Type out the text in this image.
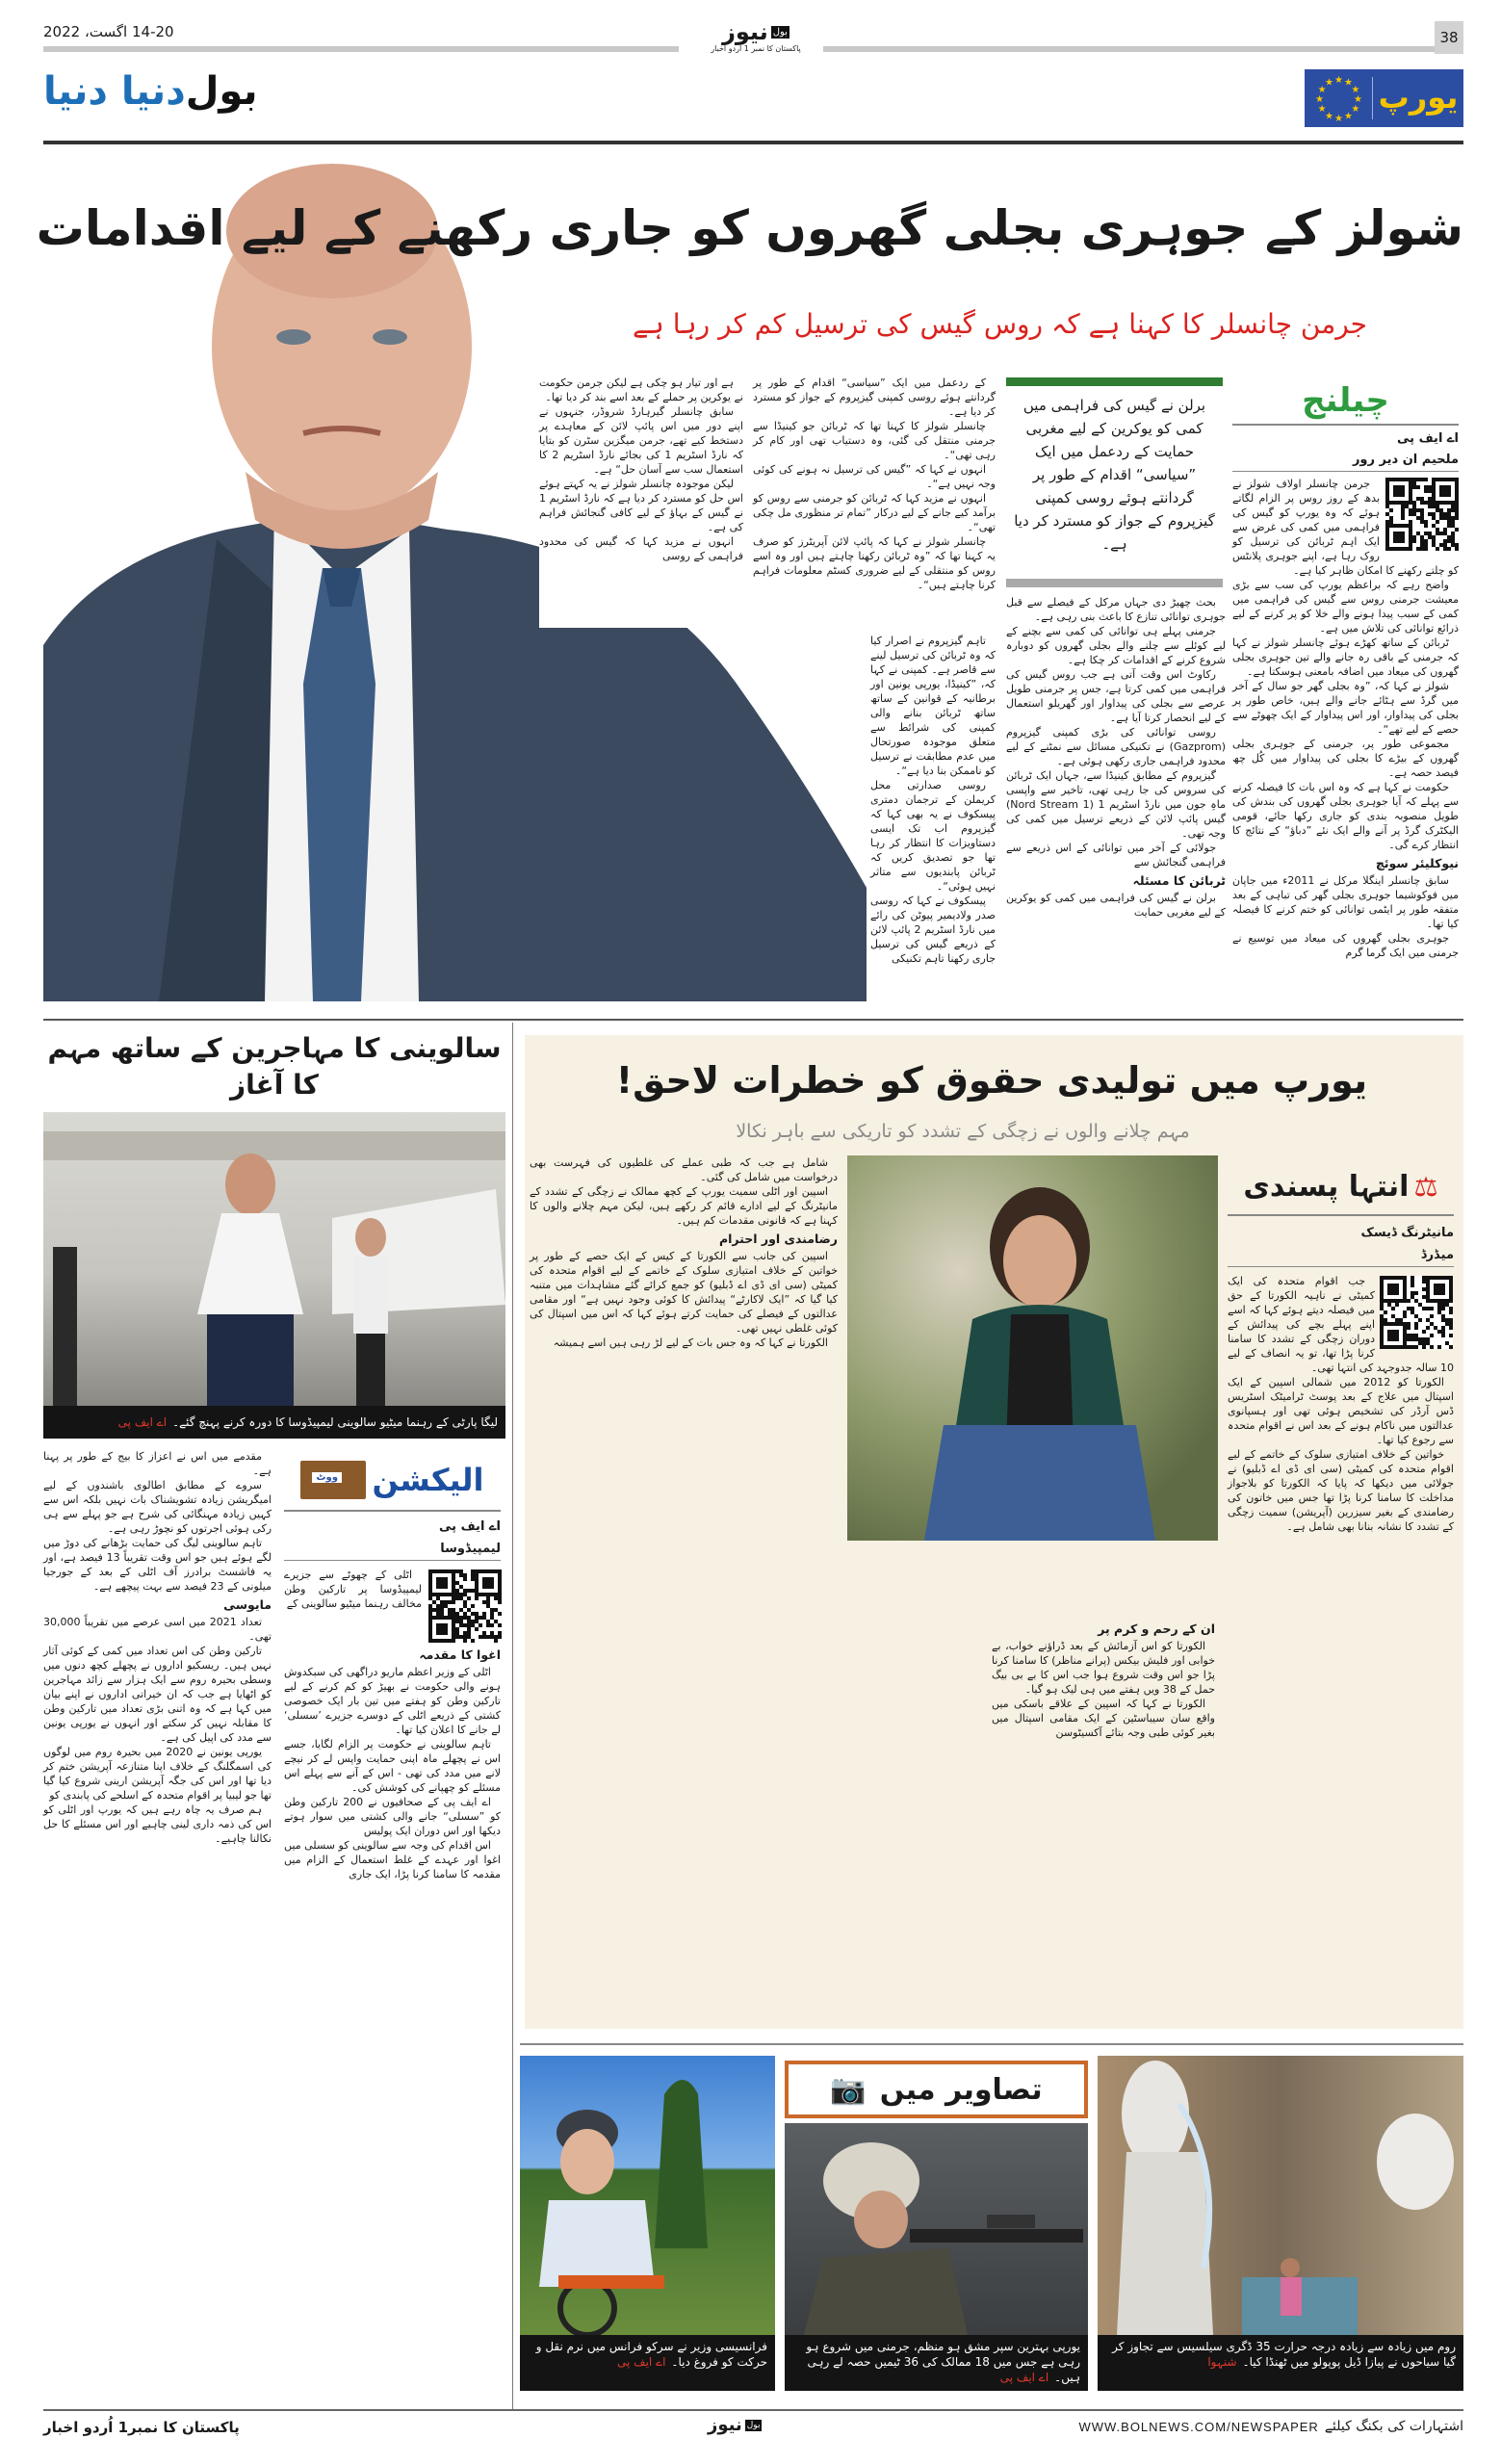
14-20 اگست، 2022	بول
نیوز
پاکستان کا نمبر 1 اُردو اخبار
38
بول
دنیا دنیا	★
★
★
★
★
★
★
★
★ ★ ★
★ یورپ
شولز کے جوہری بجلی گھروں کو جاری رکھنے کے لیے اقدامات
جرمن چانسلر کا کہنا ہے کہ روس گیس کی ترسیل کم کر رہا ہے
چیلنج
اے ایف پی
ملحیم ان دیر رور

جرمن چانسلر اولاف شولز نے بدھ کے روز روس پر الزام لگاتے ہوئے کہ وہ یورپ کو گیس کی فراہمی میں کمی کی غرض سے ایک اہم ٹربائن کی ترسیل کو روک رہا ہے، اپنے جوہری پلانٹس کو چلتے رکھنے کا امکان ظاہر کیا ہے۔

واضح رہے کہ براعظم یورپ کی سب سے بڑی معیشت جرمنی روس سے گیس کی فراہمی میں کمی کے سبب پیدا ہونے والے خلا کو پر کرنے کے لیے ذرائع توانائی کی تلاش میں ہے۔

ٹربائن کے ساتھ کھڑے ہوئے چانسلر شولز نے کہا کہ جرمنی کے باقی رہ جانے والے تین جوہری بجلی گھروں کی میعاد میں اضافہ بامعنی ہوسکتا ہے۔

شولز نے کہا کہ، ”وہ بجلی گھر جو سال کے آخر میں گرڈ سے ہٹائے جانے والے ہیں، خاص طور پر بجلی کی پیداوار، اور اس پیداوار کے ایک چھوٹے سے حصے کے لیے تھے“۔

مجموعی طور پر، جرمنی کے جوہری بجلی گھروں کے بیڑے کا بجلی کی پیداوار میں کُل چھ فیصد حصہ ہے۔

حکومت نے کہا ہے کہ وہ اس بات کا فیصلہ کرنے سے پہلے کہ آیا جوہری بجلی گھروں کی بندش کی طویل منصوبہ بندی کو جاری رکھا جائے، قومی الیکٹرک گرڈ پر آنے والے ایک نئے ”دباؤ“ کے نتائج کا انتظار کرے گی۔

نیوکلیئر سوئچ

سابق چانسلر اینگلا مرکل نے 2011ء میں جاپان میں فوکوشیما جوہری بجلی گھر کی تباہی کے بعد متفقہ طور پر ایٹمی توانائی کو ختم کرنے کا فیصلہ کیا تھا۔

جوہری بجلی گھروں کی میعاد میں توسیع نے جرمنی میں ایک گرما گرم

برلن نے گیس کی فراہمی میں کمی کو یوکرین کے لیے مغربی حمایت کے ردعمل میں ایک ”سیاسی“ اقدام کے طور پر گردانتے ہوئے روسی کمپنی گیزپروم کے جواز کو مسترد کر دیا ہے۔

بحث چھیڑ دی جہاں مرکل کے فیصلے سے قبل جوہری توانائی تنازع کا باعث بنی رہی ہے۔

جرمنی پہلے ہی توانائی کی کمی سے بچنے کے لیے کوئلے سے چلنے والے بجلی گھروں کو دوبارہ شروع کرنے کے اقدامات کر چکا ہے۔

رکاوٹ اس وقت آتی ہے جب روس گیس کی فراہمی میں کمی کرتا ہے، جس پر جرمنی طویل عرصے سے بجلی کی پیداوار اور گھریلو استعمال کے لیے انحصار کرتا آیا ہے۔

روسی توانائی کی بڑی کمپنی گیزپروم (Gazprom) نے تکنیکی مسائل سے نمٹنے کے لیے محدود فراہمی جاری رکھی ہوئی ہے۔

گیزپروم کے مطابق کینیڈا سے، جہاں ایک ٹربائن کی سروس کی جا رہی تھی، تاخیر سے واپسی ماہِ جون میں نارڈ اسٹریم 1 (Nord Stream 1) گیس پائپ لائن کے ذریعے ترسیل میں کمی کی وجہ تھی۔

جولائی کے آخر میں توانائی کے اس ذریعے سے فراہمی گنجائش سے

ٹربائن کا مسئلہ

برلن نے گیس کی فراہمی میں کمی کو یوکرین کے لیے مغربی حمایت

کے ردعمل میں ایک ”سیاسی“ اقدام کے طور پر گردانتے ہوئے روسی کمپنی گیزپروم کے جواز کو مسترد کر دیا ہے۔

چانسلر شولز کا کہنا تھا کہ ٹربائن جو کینیڈا سے جرمنی منتقل کی گئی، وہ دستیاب تھی اور کام کر رہی تھی“۔

انہوں نے کہا کہ ”گیس کی ترسیل نہ ہونے کی کوئی وجہ نہیں ہے“۔

انہوں نے مزید کہا کہ ٹربائن کو جرمنی سے روس کو برآمد کیے جانے کے لیے درکار ”تمام تر منظوری مل چکی تھی“۔

چانسلر شولز نے کہا کہ پائپ لائن آپریٹرز کو صرف یہ کہنا تھا کہ ”وہ ٹربائن رکھنا چاہتے ہیں اور وہ اسے روس کو منتقلی کے لیے ضروری کسٹم معلومات فراہم کرنا چاہتے ہیں“۔

تاہم گیزپروم نے اصرار کیا کہ وہ ٹربائن کی ترسیل لینے سے قاصر ہے۔ کمپنی نے کہا کہ، ”کینیڈا، یورپی یونین اور برطانیہ کے قوانین کے ساتھ ساتھ ٹربائن بنانے والی کمپنی کی شرائط سے متعلق موجودہ صورتحال میں عدم مطابقت نے ترسیل کو ناممکن بنا دیا ہے“۔

روسی صدارتی محل کریملن کے ترجمان دمتری پیسکوف نے یہ بھی کہا کہ گیزپروم اب تک ایسی دستاویزات کا انتظار کر رہا تھا جو تصدیق کریں کہ ٹربائن پابندیوں سے متاثر نہیں ہوئی“۔

پیسکوف نے کہا کہ روسی صدر ولادیمیر پیوٹن کی رائے میں نارڈ اسٹریم 2 پائپ لائن کے ذریعے گیس کی ترسیل جاری رکھنا تاہم تکنیکی

ہے اور تیار ہو چکی ہے لیکن جرمن حکومت نے یوکرین پر حملے کے بعد اسے بند کر دیا تھا۔

سابق چانسلر گیرہارڈ شروڈر، جنہوں نے اپنے دور میں اس پائپ لائن کے معاہدے پر دستخط کیے تھے، جرمن میگزین سٹرن کو بتایا کہ نارڈ اسٹریم 1 کی بجائے نارڈ اسٹریم 2 کا استعمال سب سے آسان حل“ ہے۔

لیکن موجودہ چانسلر شولز نے یہ کہتے ہوئے اس حل کو مسترد کر دیا ہے کہ نارڈ اسٹریم 1 نے گیس کے بہاؤ کے لیے کافی گنجائش فراہم کی ہے۔

انہوں نے مزید کہا کہ گیس کی محدود فراہمی کے روسی

سالوینی کا مہاجرین کے ساتھ مہم کا آغاز
لیگا پارٹی کے رہنما میٹیو سالوینی لیمپیڈوسا کا دورہ کرنے پہنچ گئے۔اے ایف پی
ووٹ الیکشن
اے ایف پی
لیمپیڈوسا

اٹلی کے چھوٹے سے جزیرے لیمپیڈوسا پر تارکین وطن مخالف رہنما میٹیو سالوینی کے

اغوا کا مقدمہ

اٹلی کے وزیر اعظم ماریو دراگھی کی سبکدوش ہونے والی حکومت نے بھیڑ کو کم کرنے کے لیے تارکین وطن کو ہفتے میں تین بار ایک خصوصی کشتی کے ذریعے اٹلی کے دوسرے جزیرے ’سسلی‘ لے جانے کا اعلان کیا تھا۔

تاہم سالوینی نے حکومت پر الزام لگایا، جسے اس نے پچھلے ماہ اپنی حمایت واپس لے کر نیچے لانے میں مدد کی تھی - اس کے آنے سے پہلے اس مسئلے کو چھپانے کی کوشش کی۔

اے ایف پی کے صحافیوں نے 200 تارکین وطن کو ”سسلی“ جانے والی کشتی میں سوار ہوتے دیکھا اور اس دوران ایک پولیس

اس اقدام کی وجہ سے سالوینی کو سسلی میں اغوا اور عہدے کے غلط استعمال کے الزام میں مقدمہ کا سامنا کرنا پڑا، ایک جاری

مقدمے میں اس نے اعزاز کا بیج کے طور پر پہنا ہے۔

سروے کے مطابق اطالوی باشندوں کے لیے امیگریشن زیادہ تشویشناک بات نہیں بلکہ اس سے کہیں زیادہ مہنگائی کی شرح ہے جو پہلے سے ہی رکی ہوئی اجرتوں کو نچوڑ رہی ہے۔

تاہم سالوینی لیگ کی حمایت بڑھانے کی دوڑ میں لگے ہوئے ہیں جو اس وقت تقریباً 13 فیصد ہے، اور یہ فاشسٹ برادرز آف اٹلی کے بعد کے جورجیا میلونی کے 23 فیصد سے بہت پیچھے ہے۔

مایوسی

تعداد 2021 میں اسی عرصے میں تقریباً 30,000 تھی۔

تارکین وطن کی اس تعداد میں کمی کے کوئی آثار نہیں ہیں۔ ریسکیو اداروں نے پچھلے کچھ دنوں میں وسطی بحیرہ روم سے ایک ہزار سے زائد مہاجرین کو اٹھایا ہے جب کہ ان خیراتی اداروں نے اپنے بیان میں کہا ہے کہ وہ اتنی بڑی تعداد میں تارکین وطن کا مقابلہ نہیں کر سکتے اور انہوں نے یورپی یونین سے مدد کی اپیل کی ہے۔

یورپی یونین نے 2020 میں بحیرہ روم میں لوگوں کی اسمگلنگ کے خلاف اپنا متنازعہ آپریشن ختم کر دیا تھا اور اس کی جگہ آپریشن ارینی شروع کیا گیا تھا جو لیبیا پر اقوام متحدہ کے اسلحے کی پابندی کو

ہم صرف یہ چاہ رہے ہیں کہ یورپ اور اٹلی کو اس کی ذمہ داری لینی چاہیے اور اس مسئلے کا حل نکالنا چاہیے۔

یورپ میں تولیدی حقوق کو خطرات لاحق!
مہم چلانے والوں نے زچگی کے تشدد کو تاریکی سے باہر نکالا
⚖ انتہا پسندی
مانیٹرنگ ڈیسک
میڈرڈ

جب اقوام متحدہ کی ایک کمیٹی نے ناہیہ الکورتا کے حق میں فیصلہ دیتے ہوئے کہا کہ اسے اپنے پہلے بچے کی پیدائش کے دوران زچگی کے تشدد کا سامنا کرنا پڑا تھا، تو یہ انصاف کے لیے 10 سالہ جدوجہد کی انتہا تھی۔

الکورتا کو 2012 میں شمالی اسپین کے ایک اسپتال میں علاج کے بعد پوسٹ ٹرامیٹک اسٹریس ڈس آرڈر کی تشخیص ہوئی تھی اور ہسپانوی عدالتوں میں ناکام ہونے کے بعد اس نے اقوام متحدہ سے رجوع کیا تھا۔

خواتین کے خلاف امتیازی سلوک کے خاتمے کے لیے اقوام متحدہ کی کمیٹی (سی ای ڈی اے ڈبلیو) نے جولائی میں دیکھا کہ پایا کہ الکورتا کو بلاجواز مداخلت کا سامنا کرنا پڑا تھا جس میں خاتون کی رضامندی کے بغیر سیزرین (آپریشن) سمیت زچگی کے تشدد کا نشانہ بنانا بھی شامل ہے۔

شامل ہے جب کہ طبی عملے کی غلطیوں کی فہرست بھی درخواست میں شامل کی گئی۔

اسپین اور اٹلی سمیت یورپ کے کچھ ممالک نے زچگی کے تشدد کے مانیٹرنگ کے لیے ادارے قائم کر رکھے ہیں، لیکن مہم چلانے والوں کا کہنا ہے کہ قانونی مقدمات کم ہیں۔

رضامندی اور احترام

اسپین کی جانب سے الکورتا کے کیس کے ایک حصے کے طور پر خواتین کے خلاف امتیازی سلوک کے خاتمے کے لیے اقوام متحدہ کی کمیٹی (سی ای ڈی اے ڈبلیو) کو جمع کرائے گئے مشاہدات میں متنبہ کیا گیا کہ ”ایک لاکارٹے“ پیدائش کا کوئی وجود نہیں ہے“ اور مقامی عدالتوں کے فیصلے کی حمایت کرتے ہوئے کہا کہ اس میں اسپتال کی کوئی غلطی نہیں تھی۔

الکورتا نے کہا کہ وہ جس بات کے لیے لڑ رہی ہیں اسے ہمیشہ

ان کے رحم و کرم پر

الکورتا کو اس آزمائش کے بعد ڈراؤنے خواب، بے خوابی اور فلیش بیکس (پرانے مناظر) کا سامنا کرنا پڑا جو اس وقت شروع ہوا جب اس کا بے بی بیگ حمل کے 38 ویں ہفتے میں ہی لیک ہو گیا۔

الکورتا نے کہا کہ اسپین کے علاقے باسکی میں واقع سان سیباسٹین کے ایک مقامی اسپتال میں بغیر کوئی طبی وجہ بتائے آکسیٹوسن

📷 تصاویر میں
روم میں زیادہ سے زیادہ درجہ حرارت 35 ڈگری سیلسیس سے تجاوز کر گیا سیاحوں نے پیازا ڈیل پوپولو میں ٹھنڈا کیا۔شنہوا
یورپی بہترین سپر مشق ہو منظم، جرمنی میں شروع ہو رہی ہے جس میں 18 ممالک کی 36 ٹیمیں حصہ لے رہی ہیں۔اے ایف پی
فرانسیسی وزیر نے سرکو فرانس میں نرم نقل و حرکت کو فروغ دیا۔اے ایف پی
پاکستان کا نمبر1 اُردو اخبار	بول
نیوز	WWW.BOLNEWS.COM/NEWSPAPER اشتہارات کی بکنگ کیلئے
